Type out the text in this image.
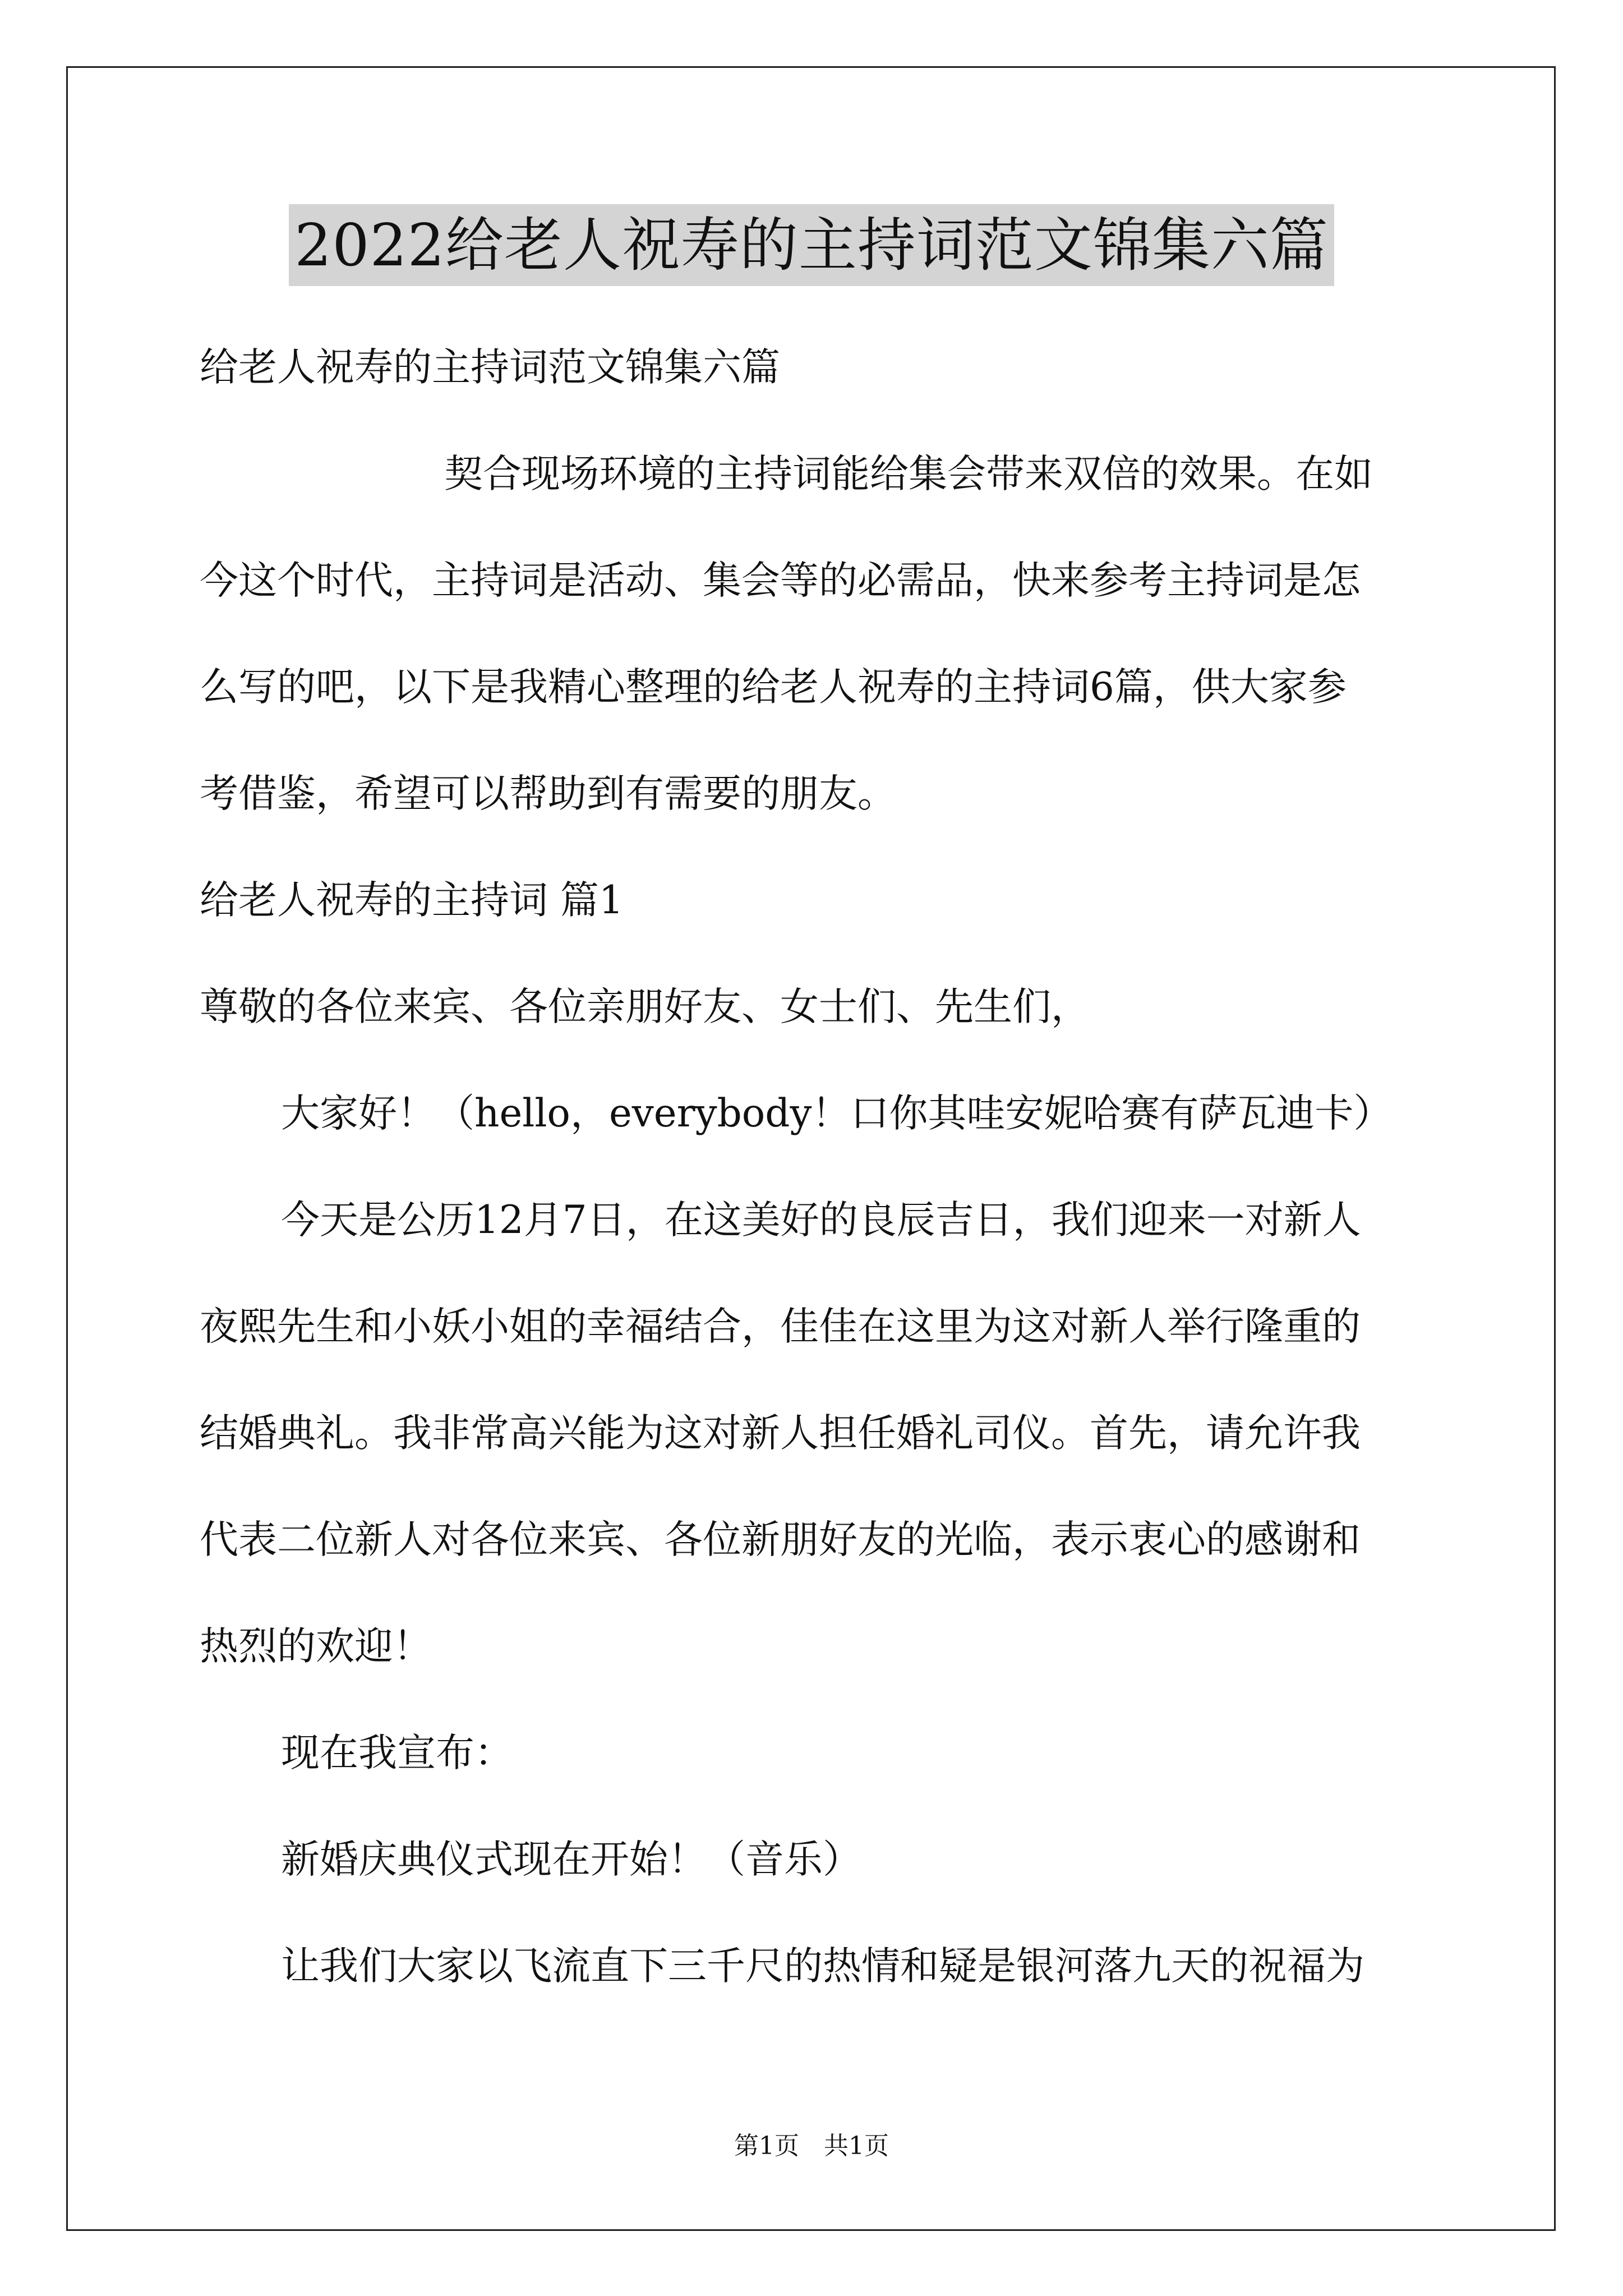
2022给老人祝寿的主持词范文锦集六篇

给老人祝寿的主持词范文锦集六篇

契合现场环境的主持词能给集会带来双倍的效果。在如

今这个时代，主持词是活动、集会等的必需品，快来参考主持词是怎

么写的吧，以下是我精心整理的给老人祝寿的主持词6篇，供大家参

考借鉴，希望可以帮助到有需要的朋友。

给老人祝寿的主持词 篇1

尊敬的各位来宾、各位亲朋好友、女士们、先生们，

大家好！（hello，everybody！口你其哇安妮哈赛有萨瓦迪卡）

今天是公历12月7日，在这美好的良辰吉日，我们迎来一对新人

夜熙先生和小妖小姐的幸福结合，佳佳在这里为这对新人举行隆重的

结婚典礼。我非常高兴能为这对新人担任婚礼司仪。首先，请允许我

代表二位新人对各位来宾、各位新朋好友的光临，表示衷心的感谢和

热烈的欢迎！

现在我宣布：

新婚庆典仪式现在开始！（音乐）

让我们大家以飞流直下三千尺的热情和疑是银河落九天的祝福为

第1页　共1页
